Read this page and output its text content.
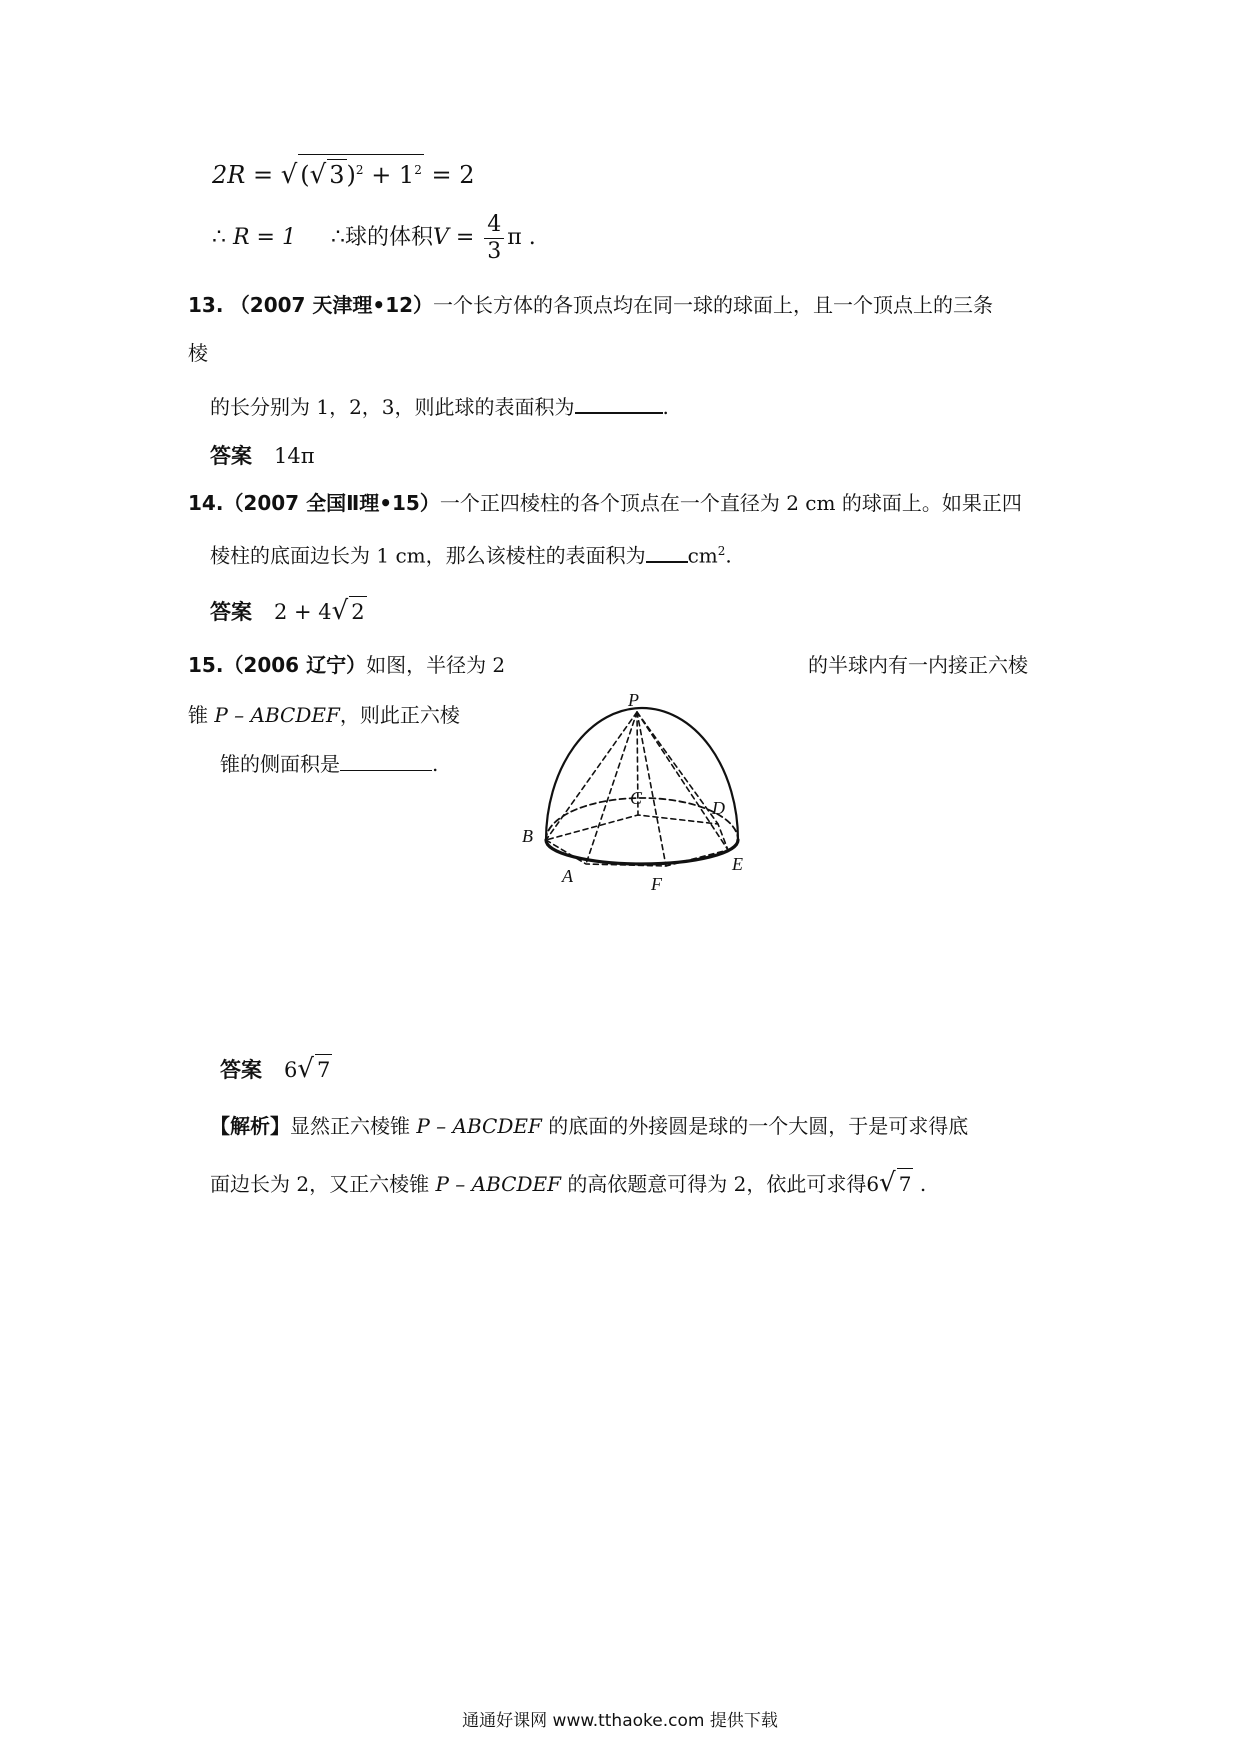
2R = √ (√ $3)^2 + 1^2 = 2$
∴ R = 1 ∴球的体积$V = \frac{4}{3}$ π .
13. （2007 天津理•12）一个长方体的各顶点均在同一球的球面上，且一个顶点上的三条
棱
的长分别为 1，2，3，则此球的表面积为	.
答案 14π
14.（2007 全国Ⅱ理•15）一个正四棱柱的各个顶点在一个直径为 2 cm 的球面上。如果正四
棱柱的底面边长为 1 cm，那么该棱柱的表面积为 $cm^2$.
答案 2 + 4√ 2
15.（2006 辽宁）如图，半径为 2	的半球内有一内接正六棱
锥 P – ABCDEF，则此正六棱
锥的侧面积是	.
P
B
A	F
E
D
C
答案 6√ 7
【解析】显然正六棱锥 P – ABCDEF 的底面的外接圆是球的一个大圆，于是可求得底
面边长为 2，又正六棱锥 P – ABCDEF 的高依题意可得为 2，依此可求得6√ 7 .
通通好课网 www.tthaoke.com 提供下载
